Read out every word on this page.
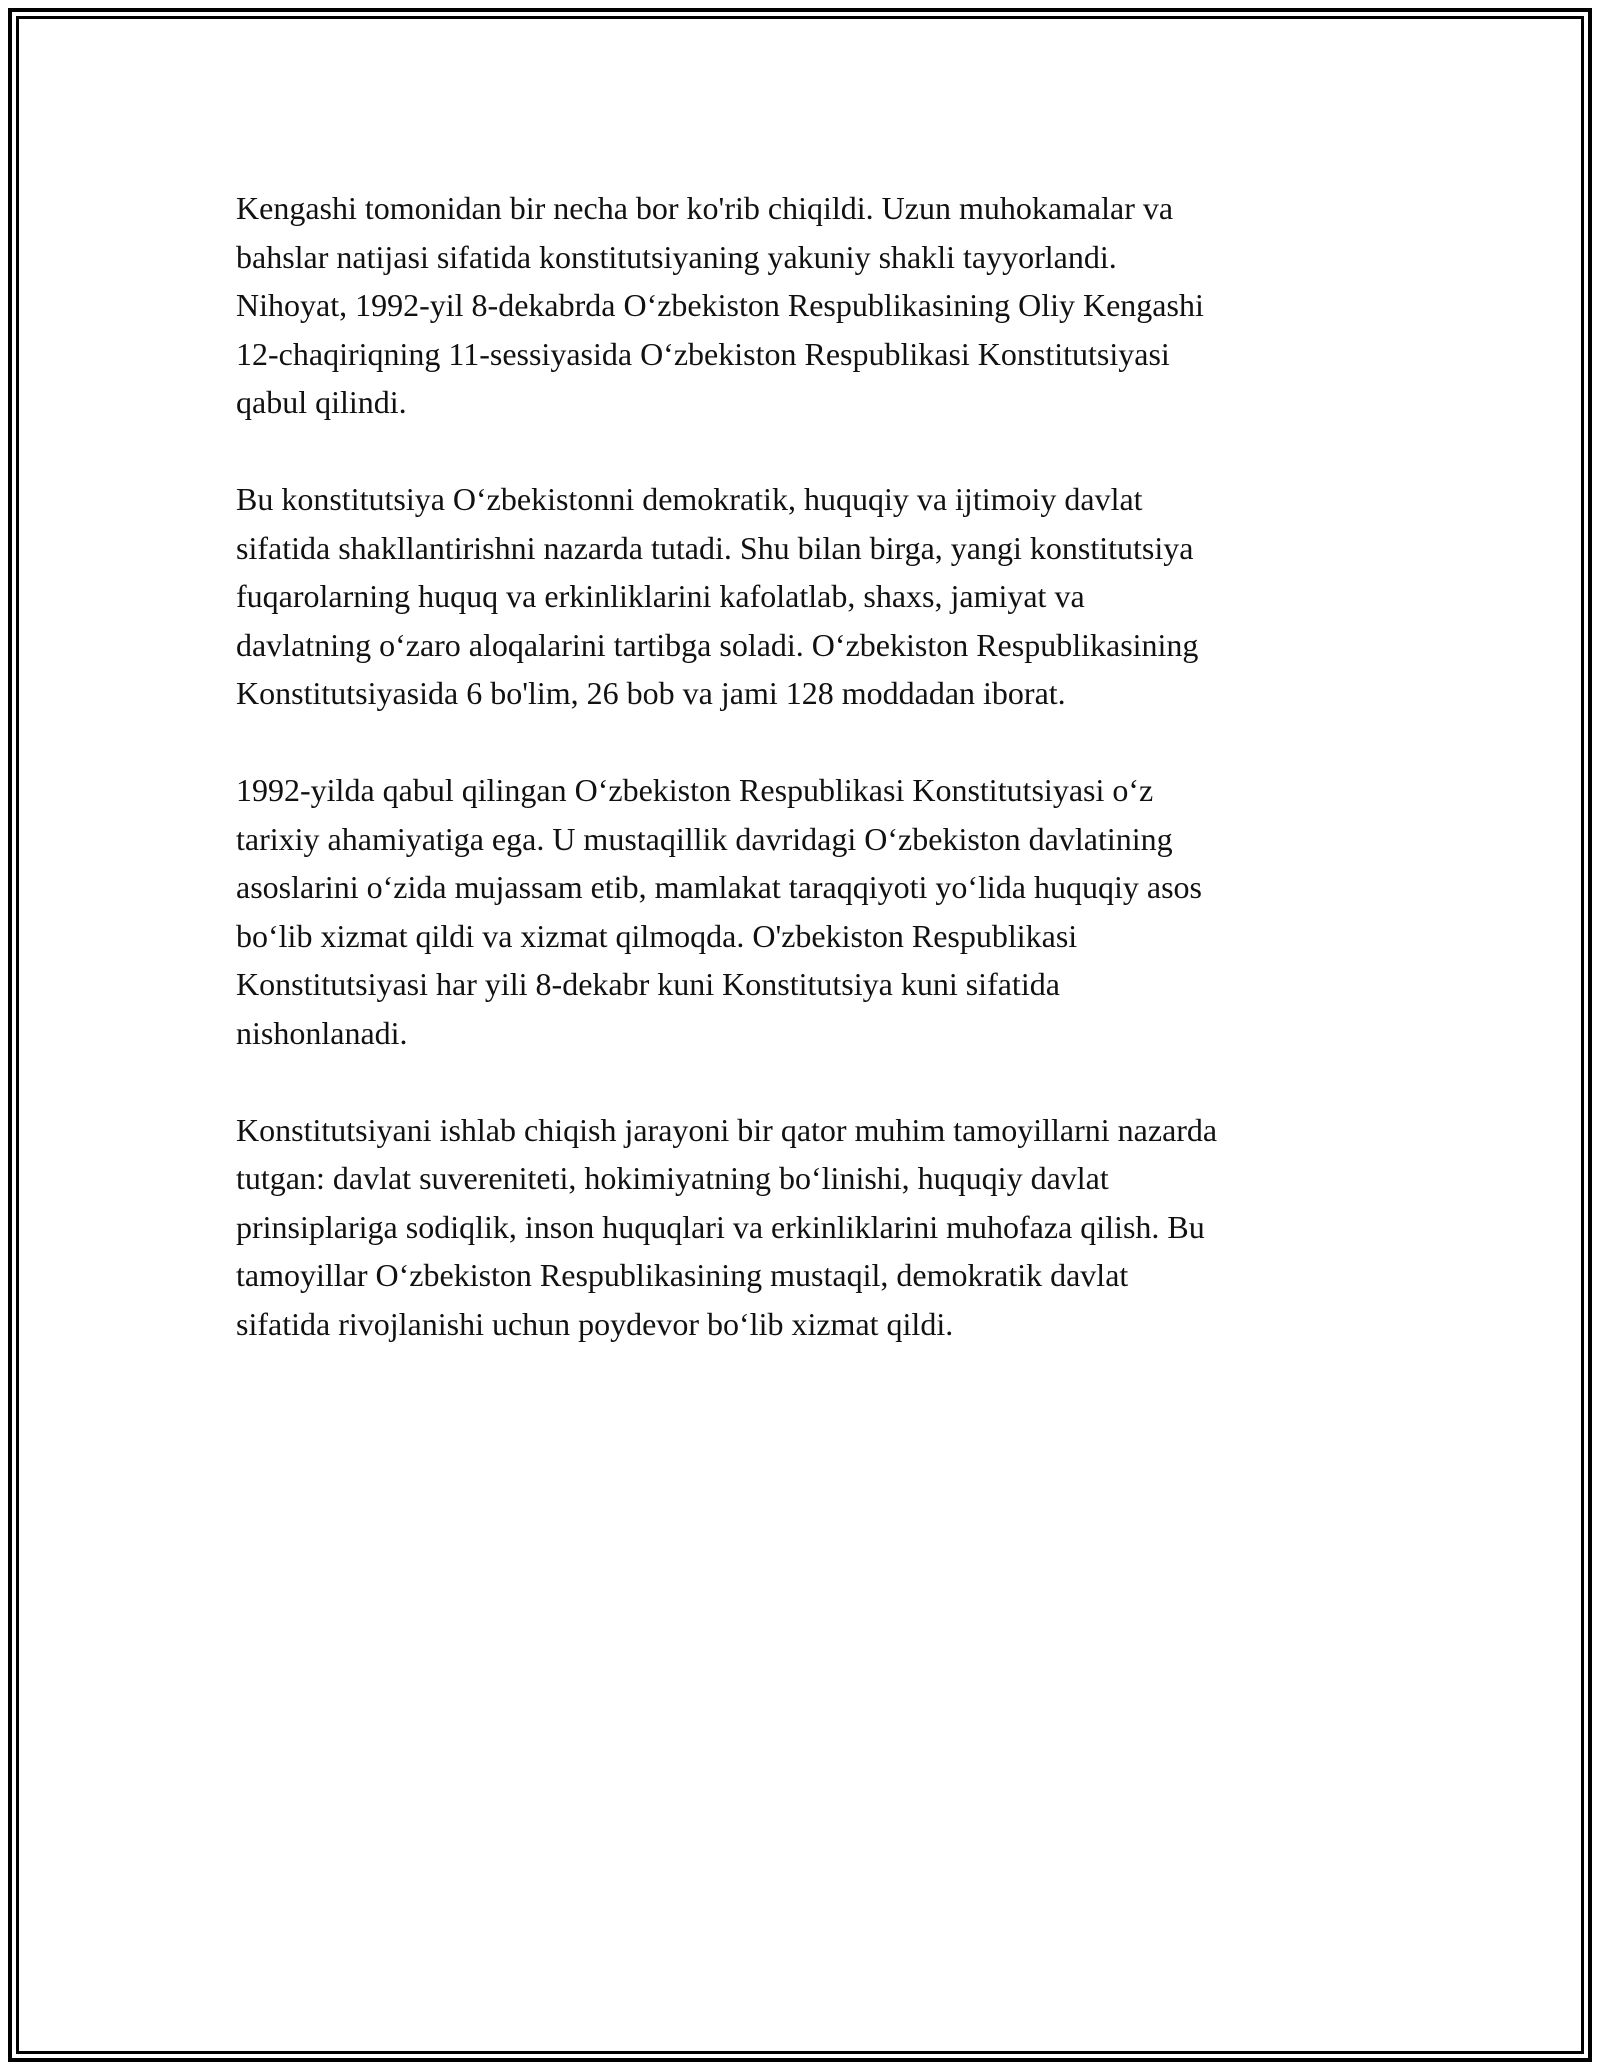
Kengashi tomonidan bir necha bor ko'rib chiqildi. Uzun muhokamalar va
bahslar natijasi sifatida konstitutsiyaning yakuniy shakli tayyorlandi.
Nihoyat, 1992-yil 8-dekabrda O‘zbekiston Respublikasining Oliy Kengashi
12-chaqiriqning 11-sessiyasida O‘zbekiston Respublikasi Konstitutsiyasi
qabul qilindi.

Bu konstitutsiya O‘zbekistonni demokratik, huquqiy va ijtimoiy davlat
sifatida shakllantirishni nazarda tutadi. Shu bilan birga, yangi konstitutsiya
fuqarolarning huquq va erkinliklarini kafolatlab, shaxs, jamiyat va
davlatning o‘zaro aloqalarini tartibga soladi. O‘zbekiston Respublikasining
Konstitutsiyasida 6 bo'lim, 26 bob va jami 128 moddadan iborat.

1992-yilda qabul qilingan O‘zbekiston Respublikasi Konstitutsiyasi o‘z
tarixiy ahamiyatiga ega. U mustaqillik davridagi O‘zbekiston davlatining
asoslarini o‘zida mujassam etib, mamlakat taraqqiyoti yo‘lida huquqiy asos
bo‘lib xizmat qildi va xizmat qilmoqda. O'zbekiston Respublikasi
Konstitutsiyasi har yili 8-dekabr kuni Konstitutsiya kuni sifatida
nishonlanadi.

Konstitutsiyani ishlab chiqish jarayoni bir qator muhim tamoyillarni nazarda
tutgan: davlat suvereniteti, hokimiyatning bo‘linishi, huquqiy davlat
prinsiplariga sodiqlik, inson huquqlari va erkinliklarini muhofaza qilish. Bu
tamoyillar O‘zbekiston Respublikasining mustaqil, demokratik davlat
sifatida rivojlanishi uchun poydevor bo‘lib xizmat qildi.
